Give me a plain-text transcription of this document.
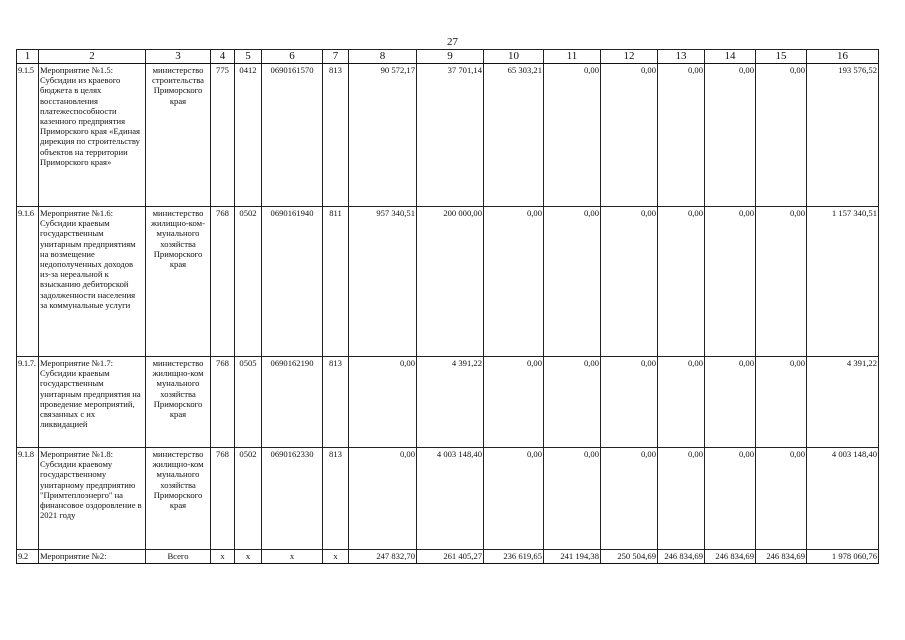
27
1	2	3	4	5	6	7	8	9	10	11	12	13	14	15	16
9.1.5	Мероприятие №1.5: Субсидии из краевого бюджета в целях восстановления платежеспособности казенного предприятия Приморского края «Единая дирекция по строительству объектов на территории Приморского края»	министерство строительства Приморского края	775	0412	0690161570	813	90 572,17	37 701,14	65 303,21	0,00	0,00	0,00	0,00	0,00	193 576,52
9.1.6	Мероприятие №1.6: Субсидии краевым государственным унитарным предприятиям на возмещение недополученных доходов из-за нереальной к взысканию дебиторской задолженности населения за коммунальные услуги	министерство жилищно-ком-мунального хозяйства Приморского края	768	0502	0690161940	811	957 340,51	200 000,00	0,00	0,00	0,00	0,00	0,00	0,00	1 157 340,51
9.1.7.	Мероприятие №1.7: Субсидии краевым государственным унитарным предприятия на проведение мероприятий, связанных с их ликвидацией	министерство жилищно-ком мунального хозяйства Приморского края	768	0505	0690162190	813	0,00	4 391,22	0,00	0,00	0,00	0,00	0,00	0,00	4 391,22
9.1.8	Мероприятие №1.8: Субсидии краевому государственному унитарному предприятию "Примтеплоэнерго" на финансовое оздоровление в 2021 году	министерство жилищно-ком мунального хозяйства Приморского края	768	0502	0690162330	813	0,00	4 003 148,40	0,00	0,00	0,00	0,00	0,00	0,00	4 003 148,40
9.2	Мероприятие №2:	Всего	x	x	x	x	247 832,70	261 405,27	236 619,65	241 194,38	250 504,69	246 834,69	246 834,69	246 834,69	1 978 060,76
